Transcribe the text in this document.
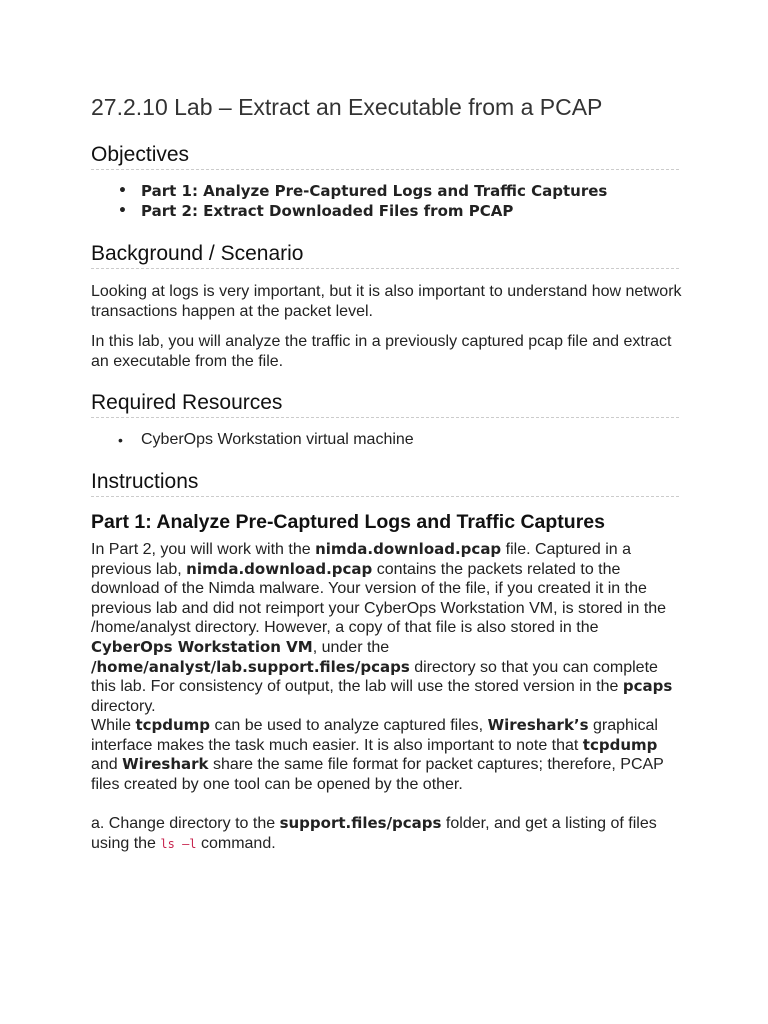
27.2.10 Lab – Extract an Executable from a PCAP
Objectives
• Part 1: Analyze Pre-Captured Logs and Traffic Captures
• Part 2: Extract Downloaded Files from PCAP
Background / Scenario

Looking at logs is very important, but it is also important to understand how network transactions happen at the packet level.

In this lab, you will analyze the traffic in a previously captured pcap file and extract an executable from the file.

Required Resources
• CyberOps Workstation virtual machine
Instructions
Part 1: Analyze Pre-Captured Logs and Traffic Captures

In Part 2, you will work with the nimda.download.pcap file. Captured in a previous lab, nimda.download.pcap contains the packets related to the download of the Nimda malware. Your version of the file, if you created it in the previous lab and did not reimport your CyberOps Workstation VM, is stored in the /home/analyst directory. However, a copy of that file is also stored in the CyberOps Workstation VM, under the /home/analyst/lab.support.files/pcaps directory so that you can complete this lab. For consistency of output, the lab will use the stored version in the pcaps directory.

While tcpdump can be used to analyze captured files, Wireshark’s graphical interface makes the task much easier. It is also important to note that tcpdump and Wireshark share the same file format for packet captures; therefore, PCAP files created by one tool can be opened by the other.

a. Change directory to the support.files/pcaps folder, and get a listing of files using the ls –l command.
